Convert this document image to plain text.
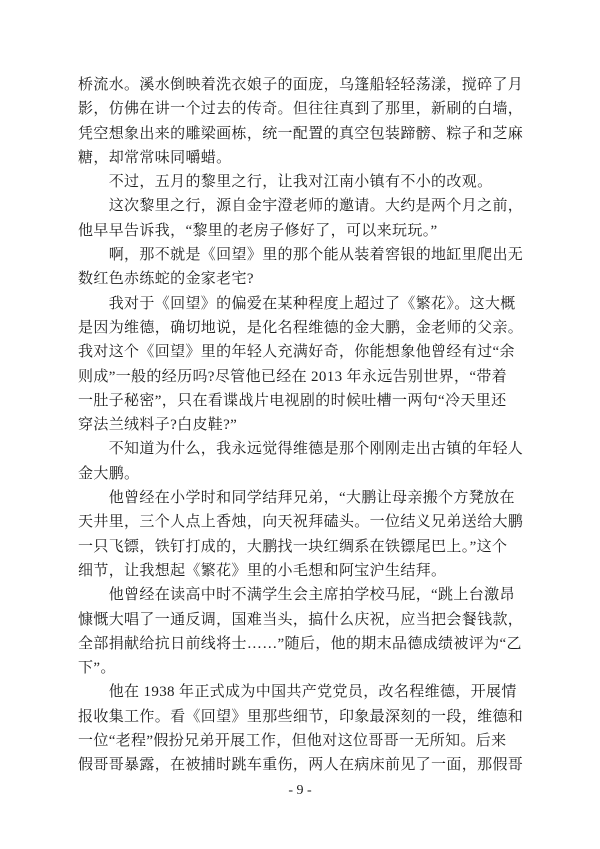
桥流水。溪水倒映着洗衣娘子的面庞，乌篷船轻轻荡漾，搅碎了月
影，仿佛在讲一个过去的传奇。但往往真到了那里，新刷的白墙，
凭空想象出来的雕梁画栋，统一配置的真空包装蹄髈、粽子和芝麻
糖，却常常味同嚼蜡。
　　不过，五月的黎里之行，让我对江南小镇有不小的改观。
　　这次黎里之行，源自金宇澄老师的邀请。大约是两个月之前，
他早早告诉我，“黎里的老房子修好了，可以来玩玩。”
　　啊，那不就是《回望》里的那个能从装着窖银的地缸里爬出无
数红色赤练蛇的金家老宅?
　　我对于《回望》的偏爱在某种程度上超过了《繁花》。这大概
是因为维德，确切地说，是化名程维德的金大鹏，金老师的父亲。
我对这个《回望》里的年轻人充满好奇，你能想象他曾经有过“余
则成”一般的经历吗?尽管他已经在 2013 年永远告别世界，“带着
一肚子秘密”，只在看谍战片电视剧的时候吐槽一两句“冷天里还
穿法兰绒料子?白皮鞋?”
　　不知道为什么，我永远觉得维德是那个刚刚走出古镇的年轻人
金大鹏。
　　他曾经在小学时和同学结拜兄弟，“大鹏让母亲搬个方凳放在
天井里，三个人点上香烛，向天祝拜磕头。一位结义兄弟送给大鹏
一只飞镖，铁钉打成的，大鹏找一块红绸系在铁镖尾巴上。”这个
细节，让我想起《繁花》里的小毛想和阿宝沪生结拜。
　　他曾经在读高中时不满学生会主席拍学校马屁，“跳上台激昂
慷慨大唱了一通反调，国难当头，搞什么庆祝，应当把会餐钱款，
全部捐献给抗日前线将士……”随后，他的期末品德成绩被评为“乙
下”。
　　他在 1938 年正式成为中国共产党党员，改名程维德，开展情
报收集工作。看《回望》里那些细节，印象最深刻的一段，维德和
一位“老程”假扮兄弟开展工作，但他对这位哥哥一无所知。后来
假哥哥暴露，在被捕时跳车重伤，两人在病床前见了一面，那假哥
- 9 -
